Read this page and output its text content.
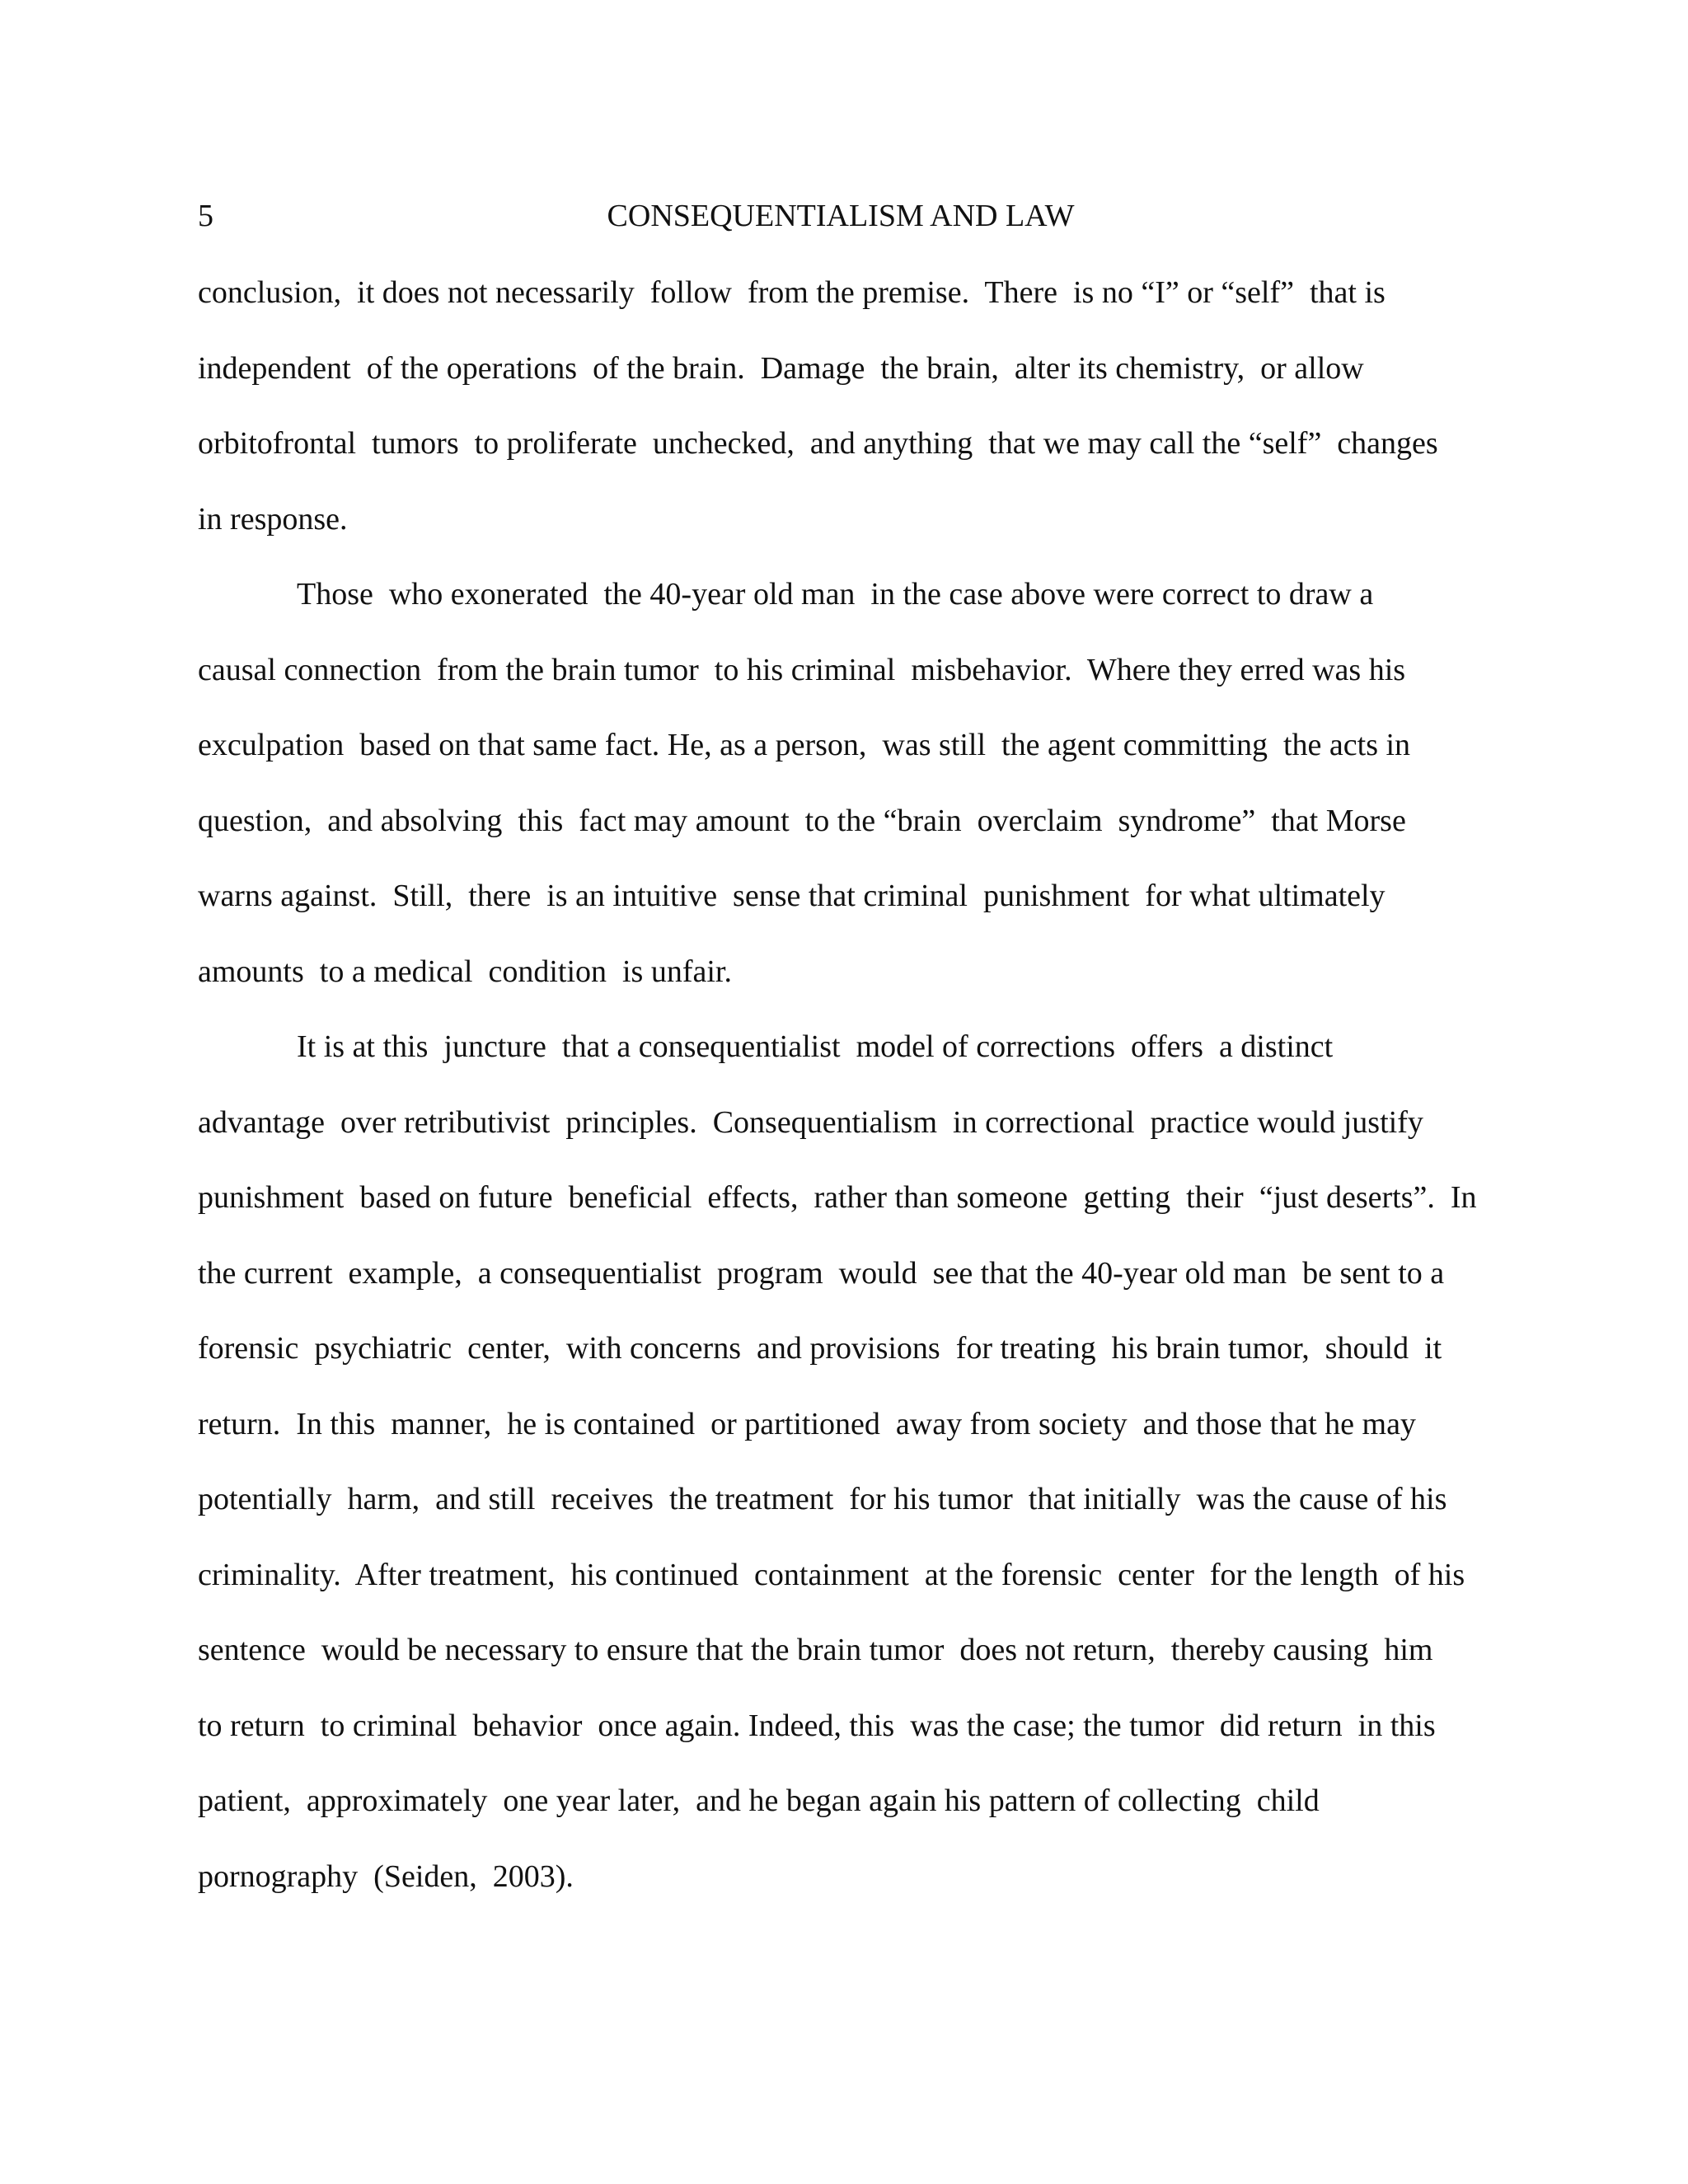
5	CONSEQUENTIALISM AND LAW
conclusion,  it does not necessarily  follow  from the premise.  There  is no “I” or “self”  that is
independent  of the operations  of the brain.  Damage  the brain,  alter its chemistry,  or allow
orbitofrontal  tumors  to proliferate  unchecked,  and anything  that we may call the “self”  changes
in response.
Those  who exonerated  the 40-year old man  in the case above were correct to draw a
causal connection  from the brain tumor  to his criminal  misbehavior.  Where they erred was his
exculpation  based on that same fact. He, as a person,  was still  the agent committing  the acts in
question,  and absolving  this  fact may amount  to the “brain  overclaim  syndrome”  that Morse
warns against.  Still,  there  is an intuitive  sense that criminal  punishment  for what ultimately
amounts  to a medical  condition  is unfair.
It is at this  juncture  that a consequentialist  model of corrections  offers  a distinct
advantage  over retributivist  principles.  Consequentialism  in correctional  practice would justify
punishment  based on future  beneficial  effects,  rather than someone  getting  their  “just deserts”.  In
the current  example,  a consequentialist  program  would  see that the 40-year old man  be sent to a
forensic  psychiatric  center,  with concerns  and provisions  for treating  his brain tumor,  should  it
return.  In this  manner,  he is contained  or partitioned  away from society  and those that he may
potentially  harm,  and still  receives  the treatment  for his tumor  that initially  was the cause of his
criminality.  After treatment,  his continued  containment  at the forensic  center  for the length  of his
sentence  would be necessary to ensure that the brain tumor  does not return,  thereby causing  him
to return  to criminal  behavior  once again. Indeed, this  was the case; the tumor  did return  in this
patient,  approximately  one year later,  and he began again his pattern of collecting  child
pornography  (Seiden,  2003).
